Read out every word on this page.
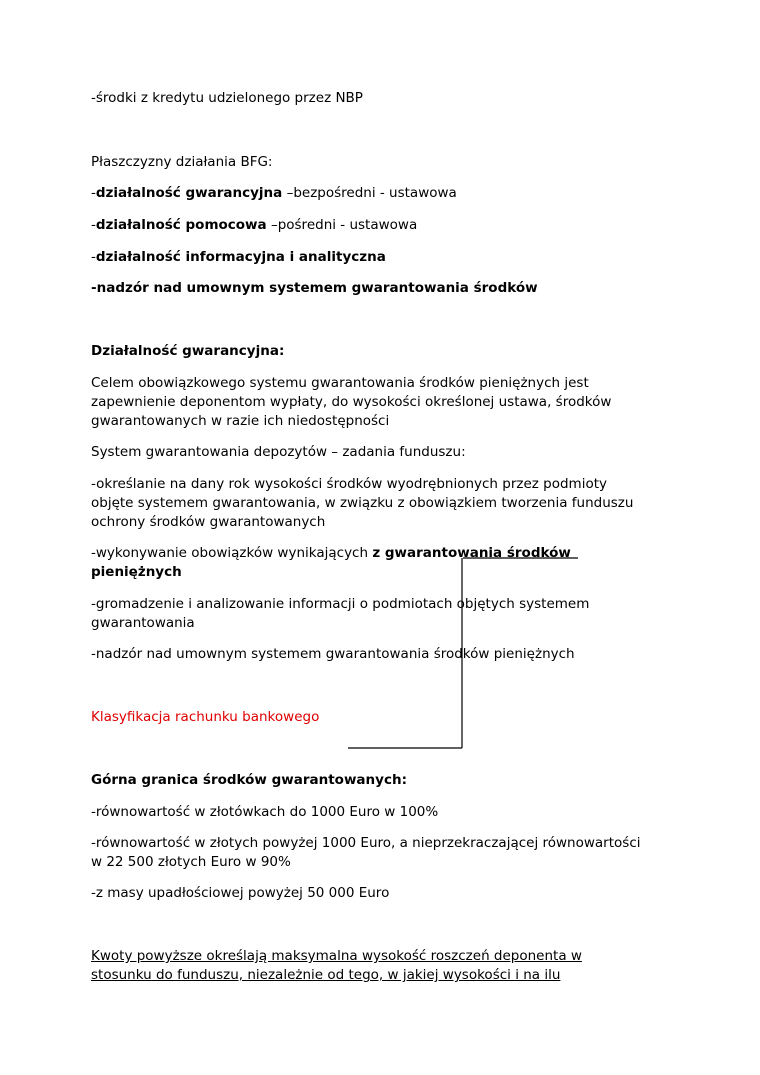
-środki z kredytu udzielonego przez NBP
Płaszczyzny działania BFG:
-działalność gwarancyjna –bezpośredni - ustawowa
-działalność pomocowa –pośredni - ustawowa
-działalność informacyjna i analityczna
-nadzór nad umownym systemem gwarantowania środków
Działalność gwarancyjna:
Celem obowiązkowego systemu gwarantowania środków pieniężnych jest
zapewnienie deponentom wypłaty, do wysokości określonej ustawa, środków
gwarantowanych w razie ich niedostępności
System gwarantowania depozytów – zadania funduszu:
-określanie na dany rok wysokości środków wyodrębnionych przez podmioty
objęte systemem gwarantowania, w związku z obowiązkiem tworzenia funduszu
ochrony środków gwarantowanych
-wykonywanie obowiązków wynikających z gwarantowania środków
pieniężnych
-gromadzenie i analizowanie informacji o podmiotach objętych systemem
gwarantowania
-nadzór nad umownym systemem gwarantowania środków pieniężnych
Klasyfikacja rachunku bankowego
Górna granica środków gwarantowanych:
-równowartość w złotówkach do 1000 Euro w 100%
-równowartość w złotych powyżej 1000 Euro, a nieprzekraczającej równowartości
w 22 500 złotych Euro w 90%
-z masy upadłościowej powyżej 50 000 Euro
Kwoty powyższe określają maksymalna wysokość roszczeń deponenta w
stosunku do funduszu, niezależnie od tego, w jakiej wysokości i na ilu
